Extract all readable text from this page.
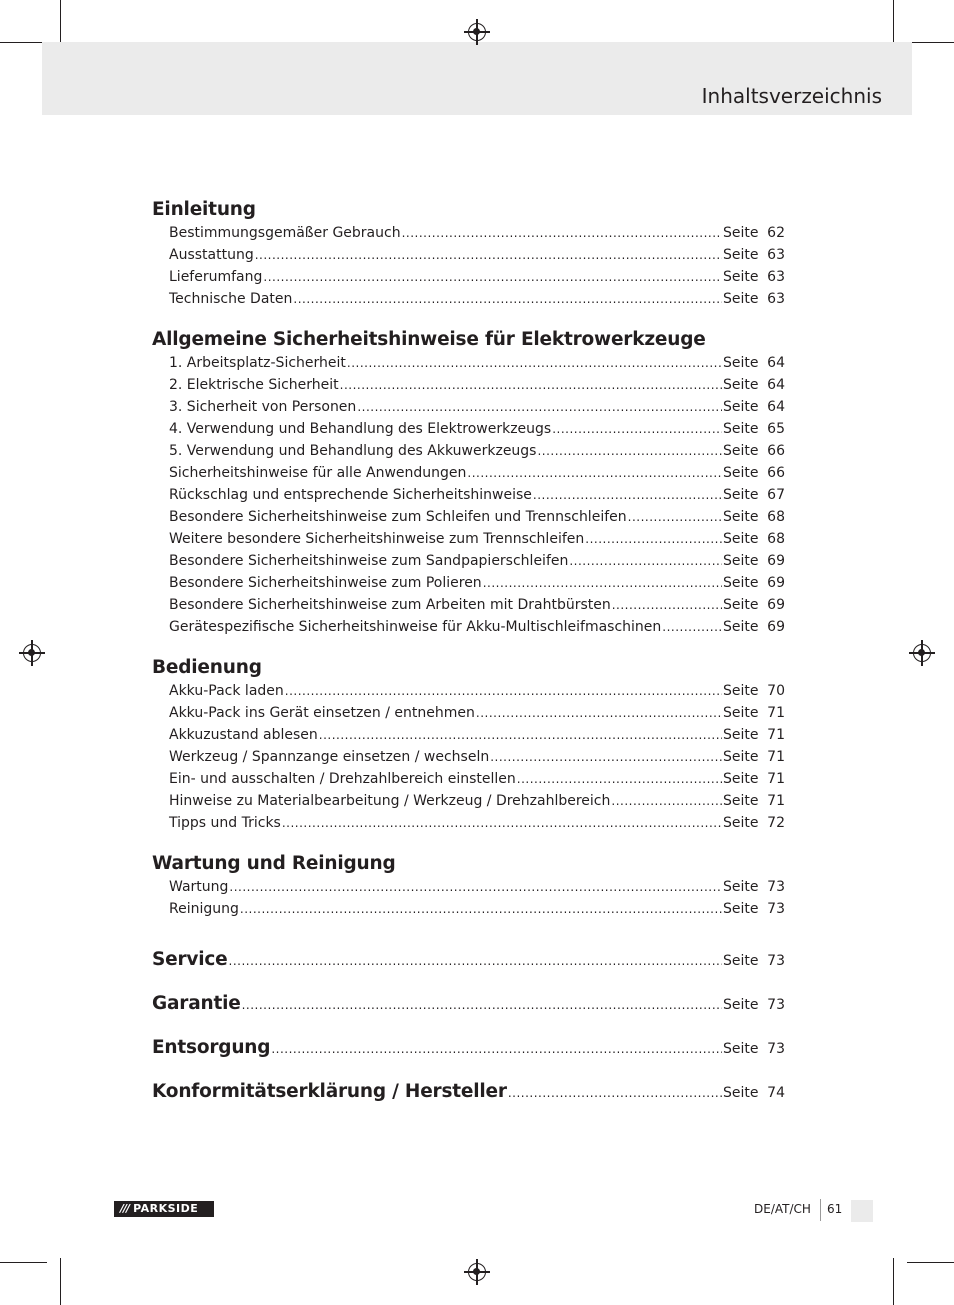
Inhaltsverzeichnis
Einleitung
Bestimmungsgemäßer Gebrauch .....	Seite 62
Ausstattung .....	Seite 63
Lieferumfang .....	Seite 63
Technische Daten .....	Seite 63
Allgemeine Sicherheitshinweise für Elektrowerkzeuge
1. Arbeitsplatz-Sicherheit .....	Seite 64
2. Elektrische Sicherheit .....	Seite 64
3. Sicherheit von Personen .....	Seite 64
4. Verwendung und Behandlung des Elektrowerkzeugs .....	Seite 65
5. Verwendung und Behandlung des Akkuwerkzeugs .....	Seite 66
Sicherheitshinweise für alle Anwendungen .....	Seite 66
Rückschlag und entsprechende Sicherheitshinweise .....	Seite 67
Besondere Sicherheitshinweise zum Schleifen und Trennschleifen .....	Seite 68
Weitere besondere Sicherheitshinweise zum Trennschleifen .....	Seite 68
Besondere Sicherheitshinweise zum Sandpapierschleifen .....	Seite 69
Besondere Sicherheitshinweise zum Polieren .....	Seite 69
Besondere Sicherheitshinweise zum Arbeiten mit Drahtbürsten .....	Seite 69
Gerätespezifische Sicherheitshinweise für Akku-Multischleifmaschinen .....	Seite 69
Bedienung
Akku-Pack laden .....	Seite 70
Akku-Pack ins Gerät einsetzen / entnehmen .....	Seite 71
Akkuzustand ablesen .....	Seite 71
Werkzeug / Spannzange einsetzen / wechseln .....	Seite 71
Ein- und ausschalten / Drehzahlbereich einstellen .....	Seite 71
Hinweise zu Materialbearbeitung / Werkzeug / Drehzahlbereich .....	Seite 71
Tipps und Tricks .....	Seite 72
Wartung und Reinigung
Wartung .....	Seite 73
Reinigung .....	Seite 73
Service .....	Seite 73
Garantie .....	Seite 73
Entsorgung .....	Seite 73
Konformitätserklärung / Hersteller .....	Seite 74
/// PARKSIDE	DE/AT/CH 61
